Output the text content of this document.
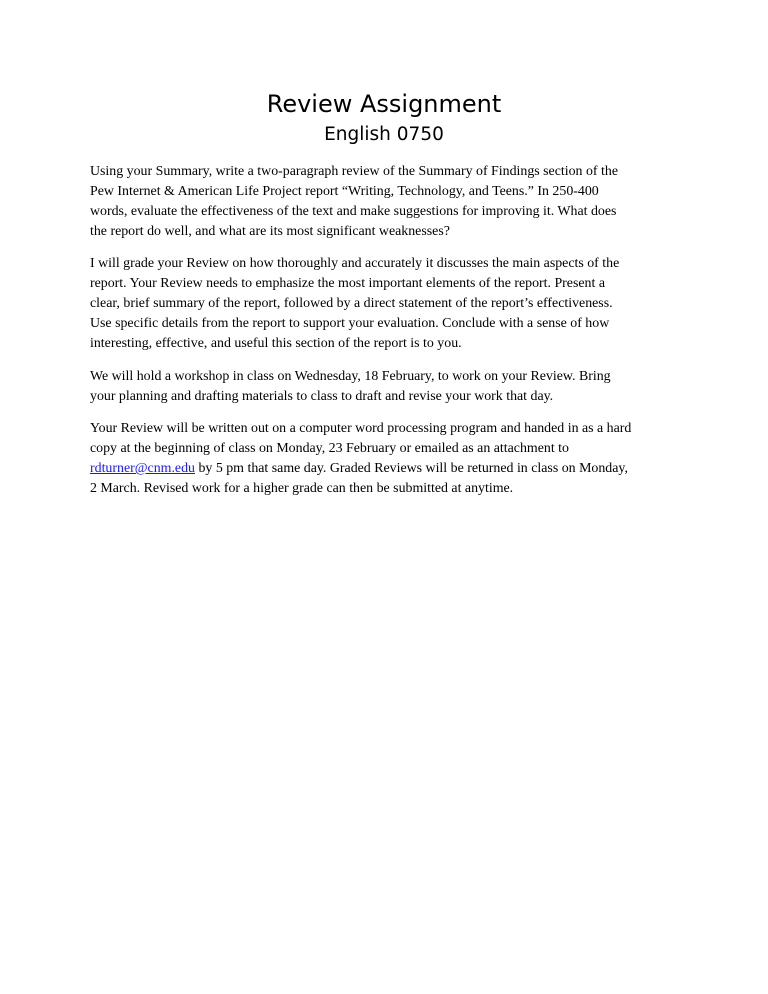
Review Assignment
English 0750

Using your Summary, write a two-paragraph review of the Summary of Findings section of the
Pew Internet & American Life Project report “Writing, Technology, and Teens.” In 250-400
words, evaluate the effectiveness of the text and make suggestions for improving it. What does
the report do well, and what are its most significant weaknesses?

I will grade your Review on how thoroughly and accurately it discusses the main aspects of the
report. Your Review needs to emphasize the most important elements of the report. Present a
clear, brief summary of the report, followed by a direct statement of the report’s effectiveness.
Use specific details from the report to support your evaluation. Conclude with a sense of how
interesting, effective, and useful this section of the report is to you.

We will hold a workshop in class on Wednesday, 18 February, to work on your Review. Bring
your planning and drafting materials to class to draft and revise your work that day.

Your Review will be written out on a computer word processing program and handed in as a hard
copy at the beginning of class on Monday, 23 February or emailed as an attachment to
rdturner@cnm.edu by 5 pm that same day. Graded Reviews will be returned in class on Monday,
2 March. Revised work for a higher grade can then be submitted at anytime.
